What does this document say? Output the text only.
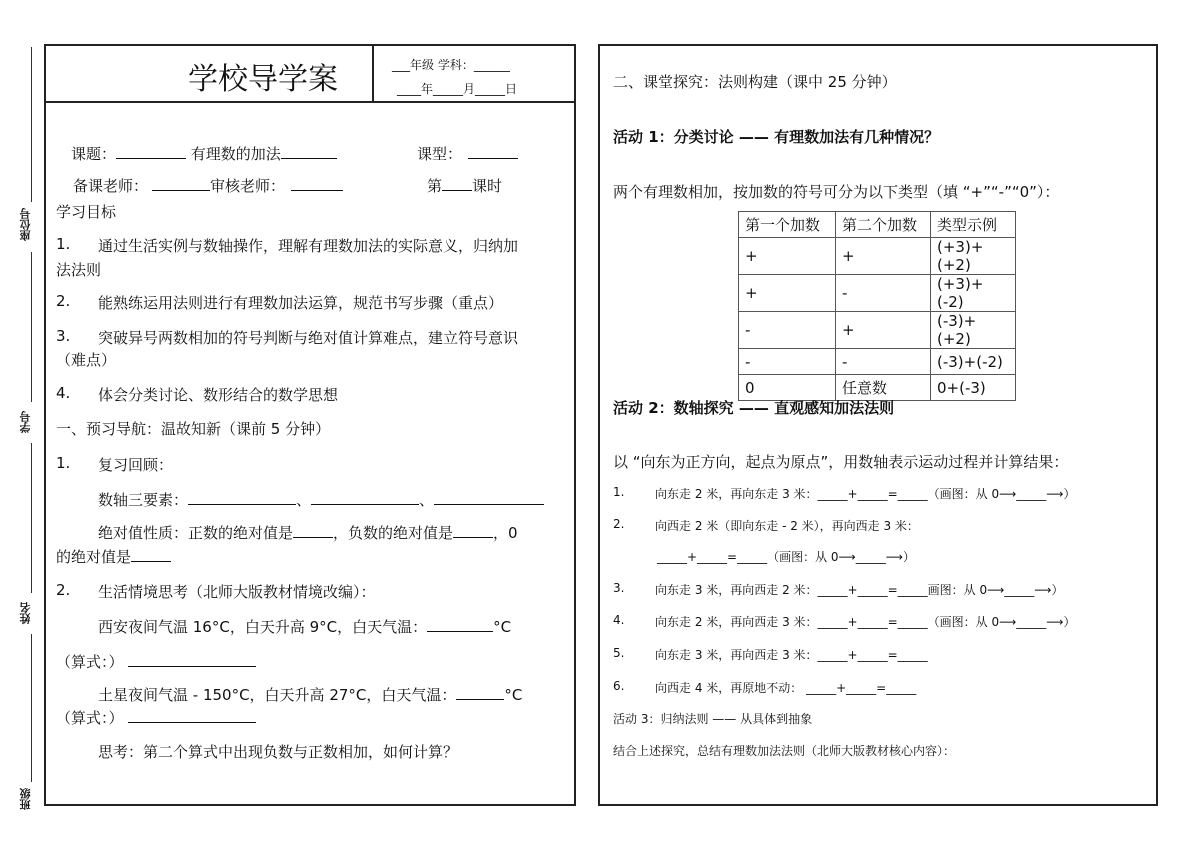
座位号
学号
姓名
班级
学校导学案	___年级 学科：______
____年_____月_____日
课题：	有理数的加法	课型：
备课老师：	审核老师：	第 课时
学习目标
1. 通过生活实例与数轴操作，理解有理数加法的实际意义，归纳加
法法则
2. 能熟练运用法则进行有理数加法运算，规范书写步骤（重点）
3. 突破异号两数相加的符号判断与绝对值计算难点，建立符号意识
（难点）
4. 体会分类讨论、数形结合的数学思想
一、预习导航：温故知新（课前 5 分钟）
1. 复习回顾：
数轴三要素：	、	、
绝对值性质：正数的绝对值是	，负数的绝对值是	，0
的绝对值是
2. 生活情境思考（北师大版教材情境改编）：
西安夜间气温 16°C，白天升高 9°C，白天气温：	°C
（算式：）
土星夜间气温 - 150°C，白天升高 27°C，白天气温：	°C
（算式：）
思考：第二个算式中出现负数与正数相加，如何计算？
二、课堂探究：法则构建（课中 25 分钟）
活动 1：分类讨论 —— 有理数加法有几种情况？
两个有理数相加，按加数的符号可分为以下类型（填 “+”“-”“0”）：
第一个加数	第二个加数	类型示例
+	+	(+3)+(+2)
+	-	(+3)+(-2)
-	+	(-3)+(+2)
-	-	(-3)+(-2)
0	任意数	0+(-3)
活动 2：数轴探究 —— 直观感知加法法则
以 “向东为正方向，起点为原点”，用数轴表示运动过程并计算结果：
1.	向东走 2 米，再向东走 3 米：_____+_____=_____（画图：从 0⟶_____⟶）
2.	向西走 2 米（即向东走 - 2 米），再向西走 3 米：
_____+_____=_____（画图：从 0⟶_____⟶）
3.	向东走 3 米，再向西走 2 米：_____+_____=_____画图：从 0⟶_____⟶）
4.	向东走 2 米，再向西走 3 米：_____+_____=_____（画图：从 0⟶_____⟶）
5.	向东走 3 米，再向西走 3 米：_____+_____=_____
6.	向西走 4 米，再原地不动： _____+_____=_____
活动 3：归纳法则 —— 从具体到抽象
结合上述探究，总结有理数加法法则（北师大版教材核心内容）：
